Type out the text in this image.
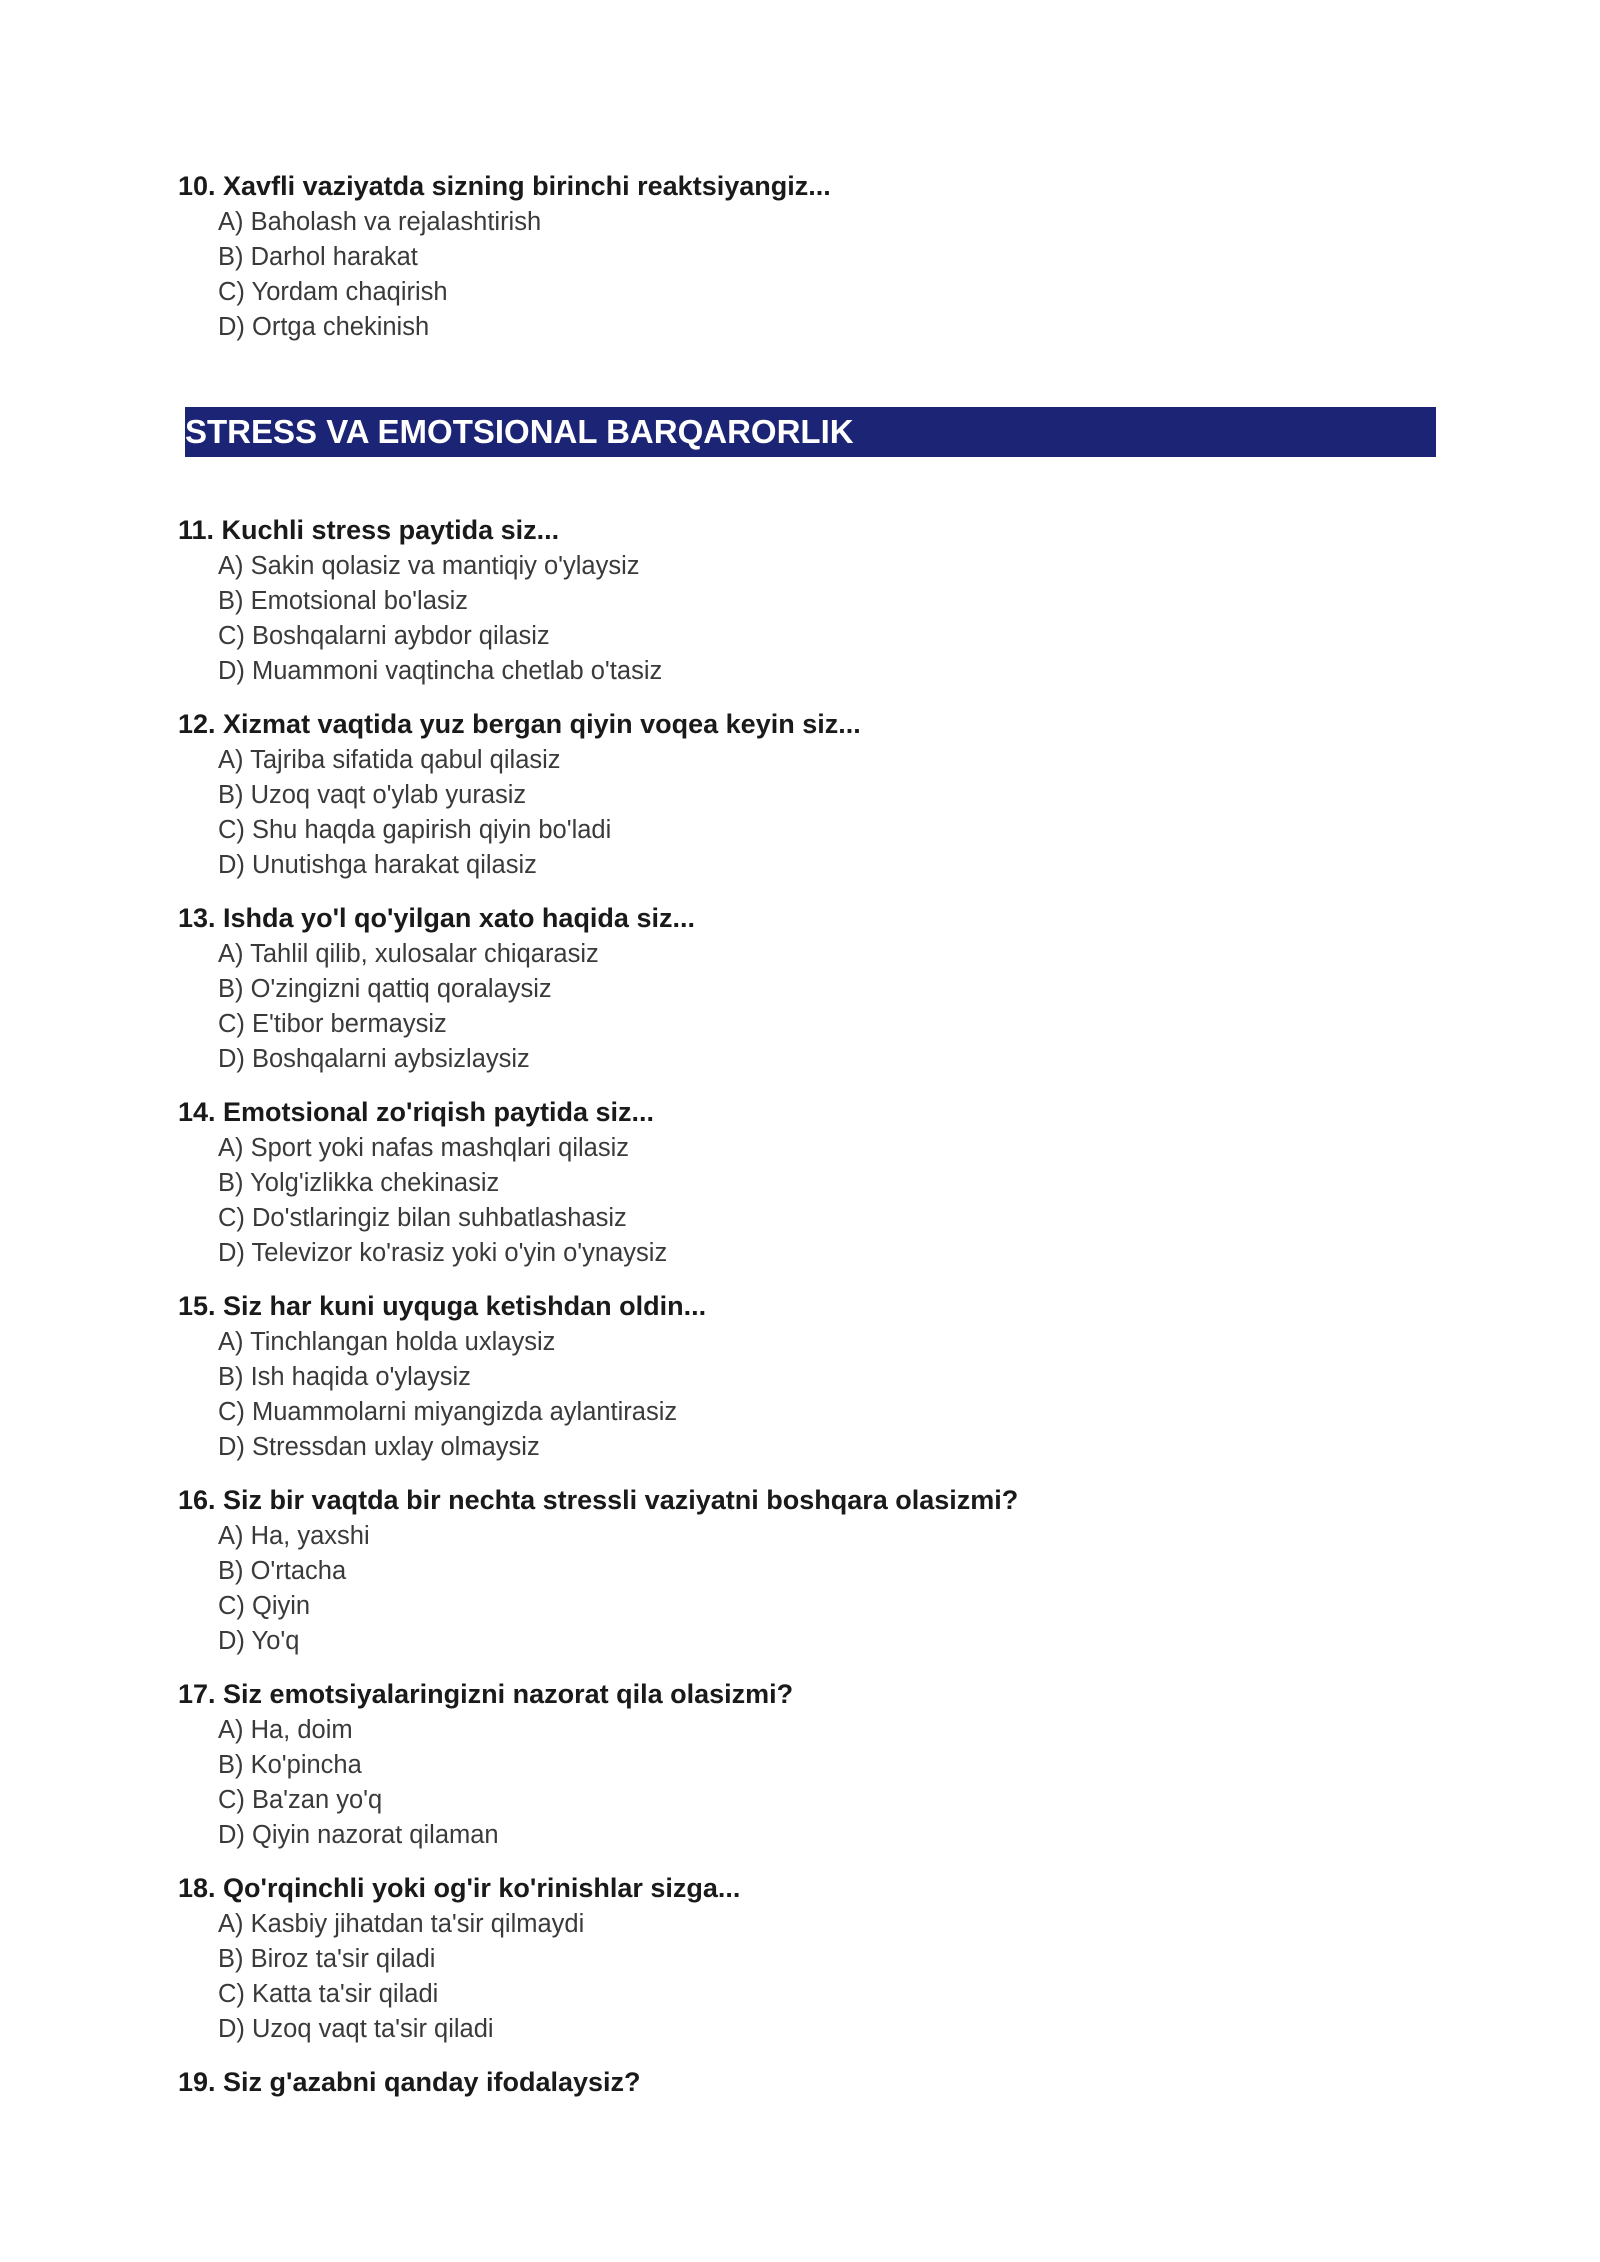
10. Xavfli vaziyatda sizning birinchi reaktsiyangiz...

A) Baholash va rejalashtirish
B) Darhol harakat
C) Yordam chaqirish
D) Ortga chekinish
STRESS VA EMOTSIONAL BARQARORLIK

11. Kuchli stress paytida siz...

A) Sakin qolasiz va mantiqiy o'ylaysiz
B) Emotsional bo'lasiz
C) Boshqalarni aybdor qilasiz
D) Muammoni vaqtincha chetlab o'tasiz

12. Xizmat vaqtida yuz bergan qiyin voqea keyin siz...

A) Tajriba sifatida qabul qilasiz
B) Uzoq vaqt o'ylab yurasiz
C) Shu haqda gapirish qiyin bo'ladi
D) Unutishga harakat qilasiz

13. Ishda yo'l qo'yilgan xato haqida siz...

A) Tahlil qilib, xulosalar chiqarasiz
B) O'zingizni qattiq qoralaysiz
C) E'tibor bermaysiz
D) Boshqalarni aybsizlaysiz

14. Emotsional zo'riqish paytida siz...

A) Sport yoki nafas mashqlari qilasiz
B) Yolg'izlikka chekinasiz
C) Do'stlaringiz bilan suhbatlashasiz
D) Televizor ko'rasiz yoki o'yin o'ynaysiz

15. Siz har kuni uyquga ketishdan oldin...

A) Tinchlangan holda uxlaysiz
B) Ish haqida o'ylaysiz
C) Muammolarni miyangizda aylantirasiz
D) Stressdan uxlay olmaysiz

16. Siz bir vaqtda bir nechta stressli vaziyatni boshqara olasizmi?

A) Ha, yaxshi
B) O'rtacha
C) Qiyin
D) Yo'q

17. Siz emotsiyalaringizni nazorat qila olasizmi?

A) Ha, doim
B) Ko'pincha
C) Ba'zan yo'q
D) Qiyin nazorat qilaman

18. Qo'rqinchli yoki og'ir ko'rinishlar sizga...

A) Kasbiy jihatdan ta'sir qilmaydi
B) Biroz ta'sir qiladi
C) Katta ta'sir qiladi
D) Uzoq vaqt ta'sir qiladi

19. Siz g'azabni qanday ifodalaysiz?
